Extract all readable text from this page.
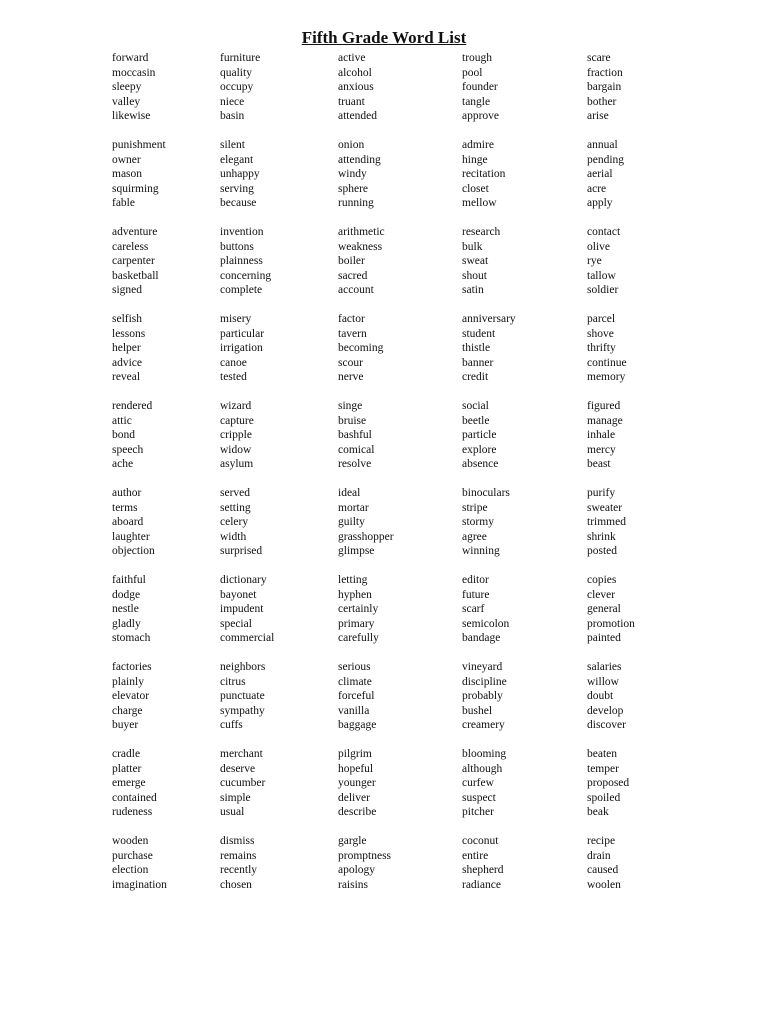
Fifth Grade Word List
forward	furniture	active	trough	scare
moccasin	quality	alcohol	pool	fraction
sleepy	occupy	anxious	founder	bargain
valley	niece	truant	tangle	bother
likewise	basin	attended	approve	arise
punishment	silent	onion	admire	annual
owner	elegant	attending	hinge	pending
mason	unhappy	windy	recitation	aerial
squirming	serving	sphere	closet	acre
fable	because	running	mellow	apply
adventure	invention	arithmetic	research	contact
careless	buttons	weakness	bulk	olive
carpenter	plainness	boiler	sweat	rye
basketball	concerning	sacred	shout	tallow
signed	complete	account	satin	soldier
selfish	misery	factor	anniversary	parcel
lessons	particular	tavern	student	shove
helper	irrigation	becoming	thistle	thrifty
advice	canoe	scour	banner	continue
reveal	tested	nerve	credit	memory
rendered	wizard	singe	social	figured
attic	capture	bruise	beetle	manage
bond	cripple	bashful	particle	inhale
speech	widow	comical	explore	mercy
ache	asylum	resolve	absence	beast
author	served	ideal	binoculars	purify
terms	setting	mortar	stripe	sweater
aboard	celery	guilty	stormy	trimmed
laughter	width	grasshopper	agree	shrink
objection	surprised	glimpse	winning	posted
faithful	dictionary	letting	editor	copies
dodge	bayonet	hyphen	future	clever
nestle	impudent	certainly	scarf	general
gladly	special	primary	semicolon	promotion
stomach	commercial	carefully	bandage	painted
factories	neighbors	serious	vineyard	salaries
plainly	citrus	climate	discipline	willow
elevator	punctuate	forceful	probably	doubt
charge	sympathy	vanilla	bushel	develop
buyer	cuffs	baggage	creamery	discover
cradle	merchant	pilgrim	blooming	beaten
platter	deserve	hopeful	although	temper
emerge	cucumber	younger	curfew	proposed
contained	simple	deliver	suspect	spoiled
rudeness	usual	describe	pitcher	beak
wooden	dismiss	gargle	coconut	recipe
purchase	remains	promptness	entire	drain
election	recently	apology	shepherd	caused
imagination	chosen	raisins	radiance	woolen
